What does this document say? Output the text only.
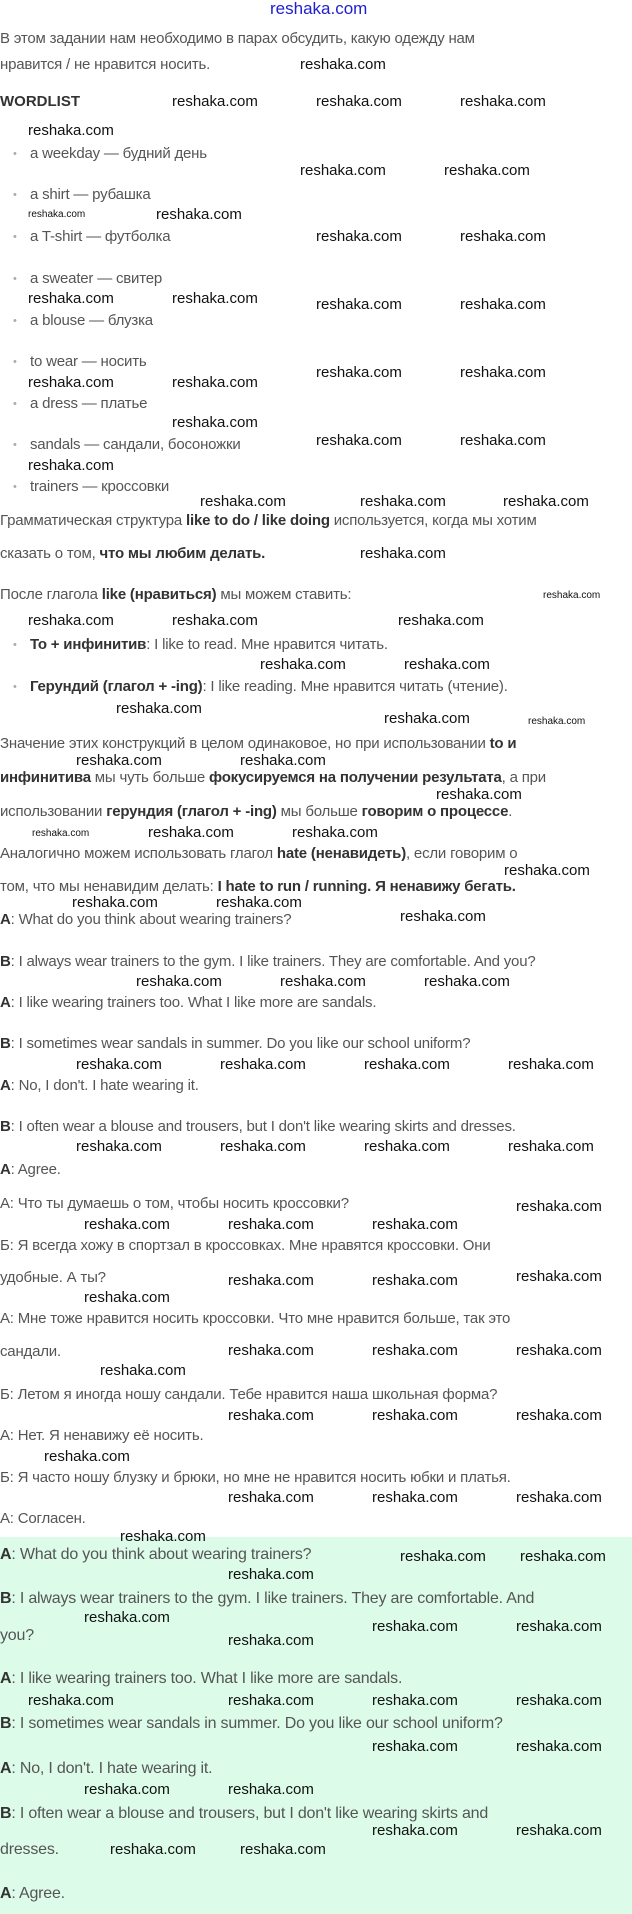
В этом задании нам необходимо в парах обсудить, какую одежду нам
нравится / не нравится носить.
WORDLIST
• a weekday — будний день
• a shirt — рубашка
• a T-shirt — футболка
• a sweater — свитер
• a blouse — блузка
• to wear — носить
• a dress — платье
• sandals — сандали, босоножки
• trainers — кроссовки
Грамматическая структура like to do / like doing используется, когда мы хотим
сказать о том, что мы любим делать.
После глагола like (нравиться) мы можем ставить:
• To + инфинитив: I like to read. Мне нравится читать.
• Герундий (глагол + -ing): I like reading. Мне нравится читать (чтение).
Значение этих конструкций в целом одинаковое, но при использовании to и
инфинитива мы чуть больше фокусируемся на получении результата, а при
использовании герундия (глагол + -ing) мы больше говорим о процессе.
Аналогично можем использовать глагол hate (ненавидеть), если говорим о
том, что мы ненавидим делать: I hate to run / running. Я ненавижу бегать.
A: What do you think about wearing trainers?
B: I always wear trainers to the gym. I like trainers. They are comfortable. And you?
A: I like wearing trainers too. What I like more are sandals.
B: I sometimes wear sandals in summer. Do you like our school uniform?
A: No, I don't. I hate wearing it.
B: I often wear a blouse and trousers, but I don't like wearing skirts and dresses.
A: Agree.
A: Что ты думаешь о том, чтобы носить кроссовки?
Б: Я всегда хожу в спортзал в кроссовках. Мне нравятся кроссовки. Они
удобные. А ты?
A: Мне тоже нравится носить кроссовки. Что мне нравится больше, так это
сандали.
Б: Летом я иногда ношу сандали. Тебе нравится наша школьная форма?
A: Нет. Я ненавижу её носить.
Б: Я часто ношу блузку и брюки, но мне не нравится носить юбки и платья.
A: Согласен.
A: What do you think about wearing trainers?
B: I always wear trainers to the gym. I like trainers. They are comfortable. And
you?
A: I like wearing trainers too. What I like more are sandals.
B: I sometimes wear sandals in summer. Do you like our school uniform?
A: No, I don't. I hate wearing it.
B: I often wear a blouse and trousers, but I don't like wearing skirts and
dresses.
A: Agree.
reshaka.com
reshaka.com
reshaka.com	reshaka.com	reshaka.com
reshaka.com
reshaka.com	reshaka.com
reshaka.com	reshaka.com
reshaka.com	reshaka.com
reshaka.com
reshaka.com	reshaka.com	reshaka.com
reshaka.com
reshaka.com	reshaka.com
reshaka.com
reshaka.com
reshaka.com	reshaka.com
reshaka.com
reshaka.com	reshaka.com	reshaka.com
reshaka.com
reshaka.com	reshaka.com
reshaka.com
reshaka.com
reshaka.com	reshaka.com
reshaka.com
reshaka.com	reshaka.com
reshaka.com	reshaka.com
reshaka.com
reshaka.com	reshaka.com	reshaka.com
reshaka.com
reshaka.com	reshaka.com
reshaka.com
reshaka.com	reshaka.com
reshaka.com
reshaka.com	reshaka.com	reshaka.com
reshaka.com
reshaka.com	reshaka.com	reshaka.com
reshaka.com
reshaka.com	reshaka.com
reshaka.com
reshaka.com
reshaka.com	reshaka.com	reshaka.com
reshaka.com
reshaka.com	reshaka.com	reshaka.com
reshaka.com
reshaka.com	reshaka.com	reshaka.com
reshaka.com
reshaka.com	reshaka.com	reshaka.com
reshaka.com
reshaka.com reshaka.com
reshaka.com
reshaka.com
reshaka.com	reshaka.com
reshaka.com
reshaka.com	reshaka.com	reshaka.com
reshaka.com
reshaka.com	reshaka.com
reshaka.com	reshaka.com
reshaka.com	reshaka.com
reshaka.com	reshaka.com
